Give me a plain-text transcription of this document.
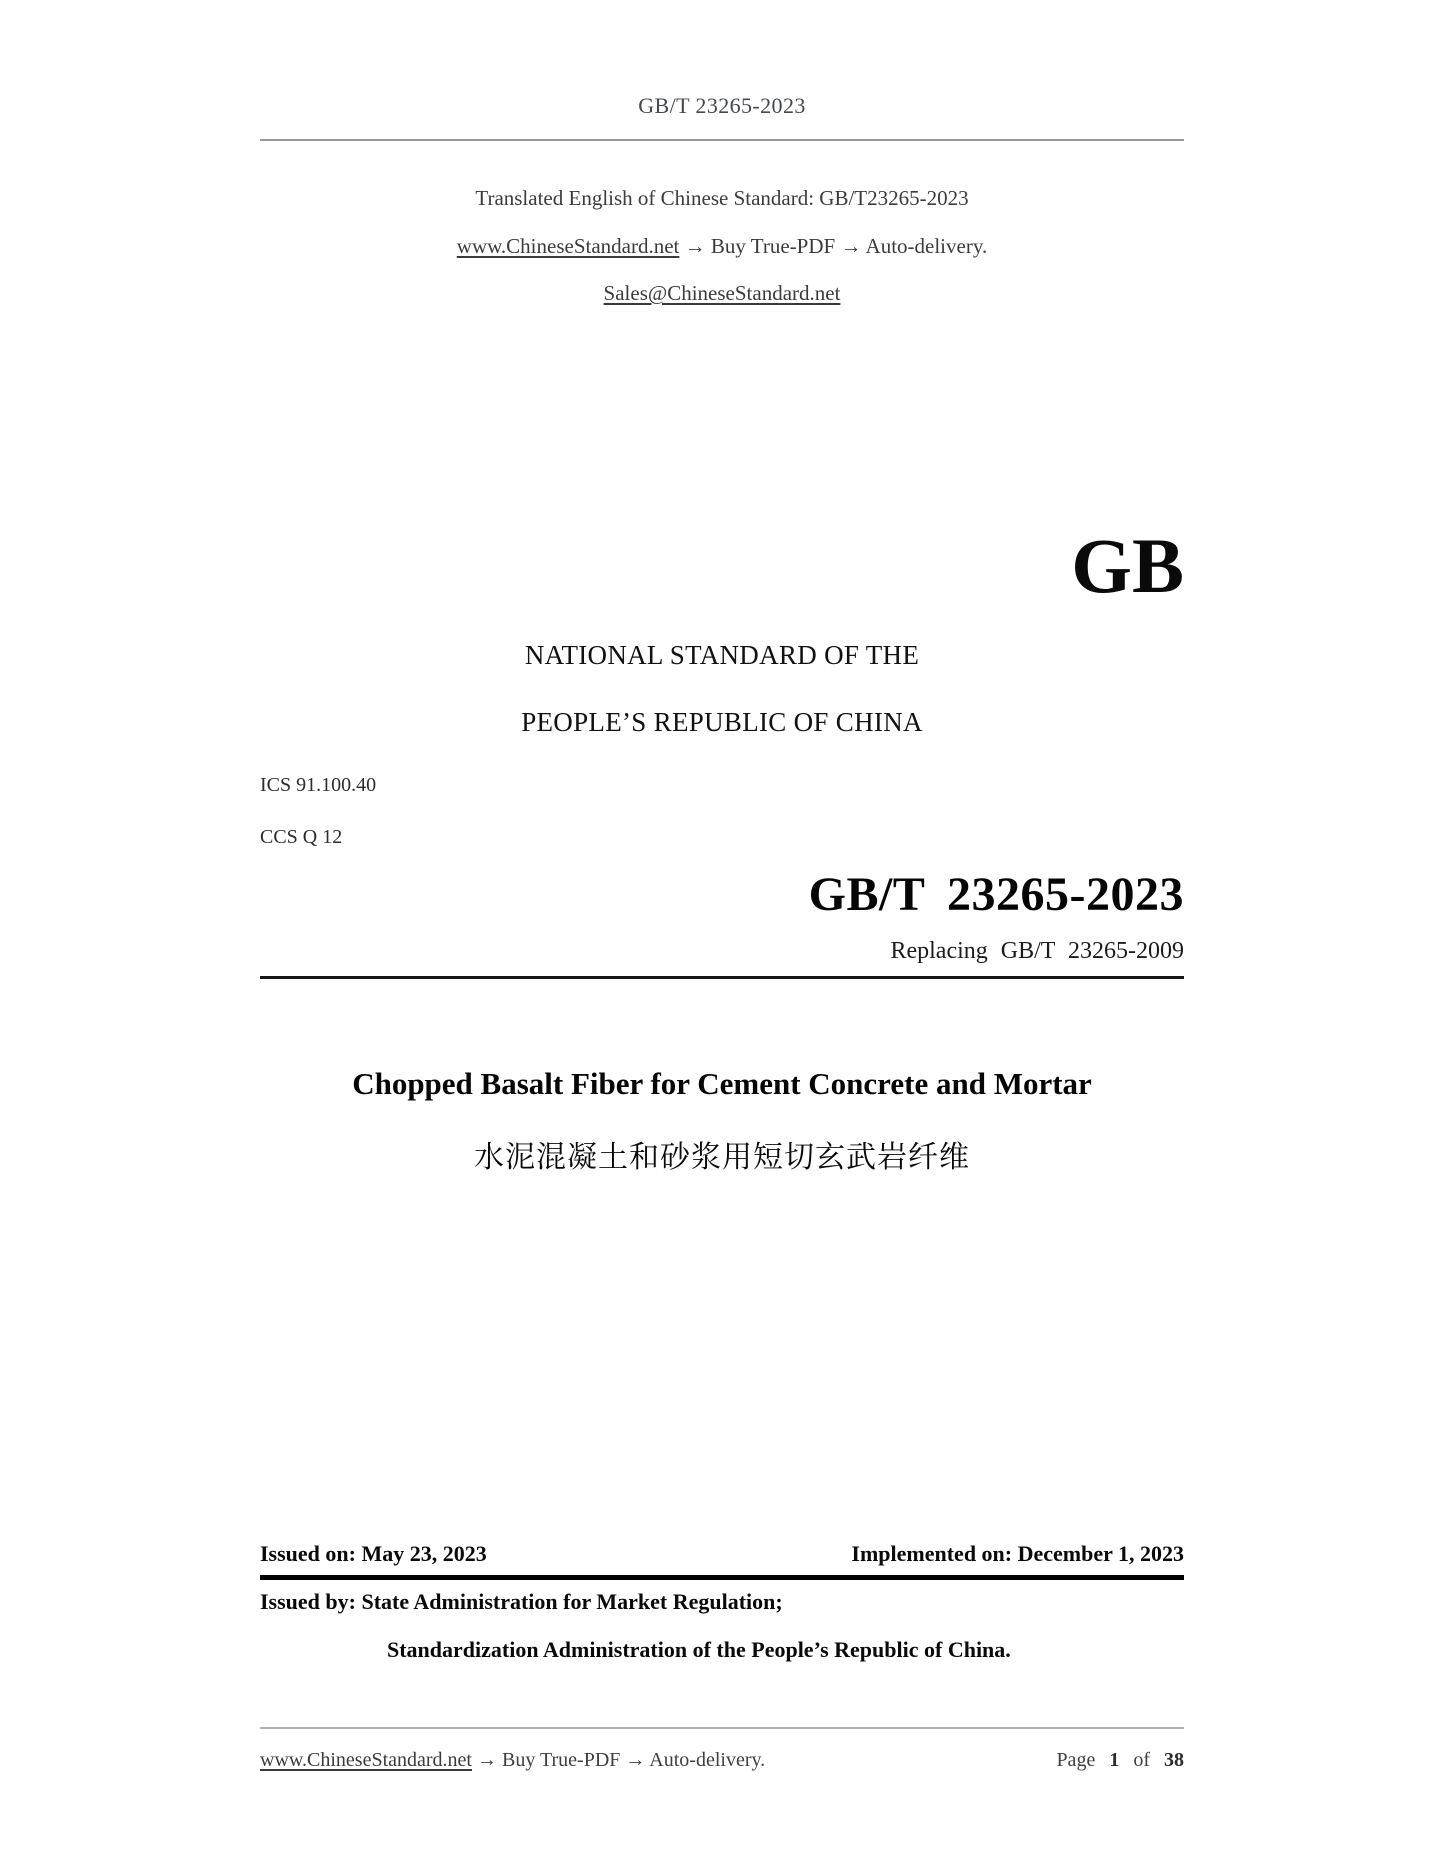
GB/T 23265-2023
Translated English of Chinese Standard: GB/T23265-2023
www.ChineseStandard.net → Buy True-PDF → Auto-delivery.
Sales@ChineseStandard.net
GB
NATIONAL STANDARD OF THE
PEOPLE’S REPUBLIC OF CHINA
ICS 91.100.40
CCS Q 12
GB/T 23265-2023
Replacing GB/T 23265-2009
Chopped Basalt Fiber for Cement Concrete and Mortar
水泥混凝土和砂浆用短切玄武岩纤维
Issued on: May 23, 2023	Implemented on: December 1, 2023
Issued by: State Administration for Market Regulation;
Standardization Administration of the People’s Republic of China.
www.ChineseStandard.net → Buy True-PDF → Auto-delivery.	Page 1 of 38
